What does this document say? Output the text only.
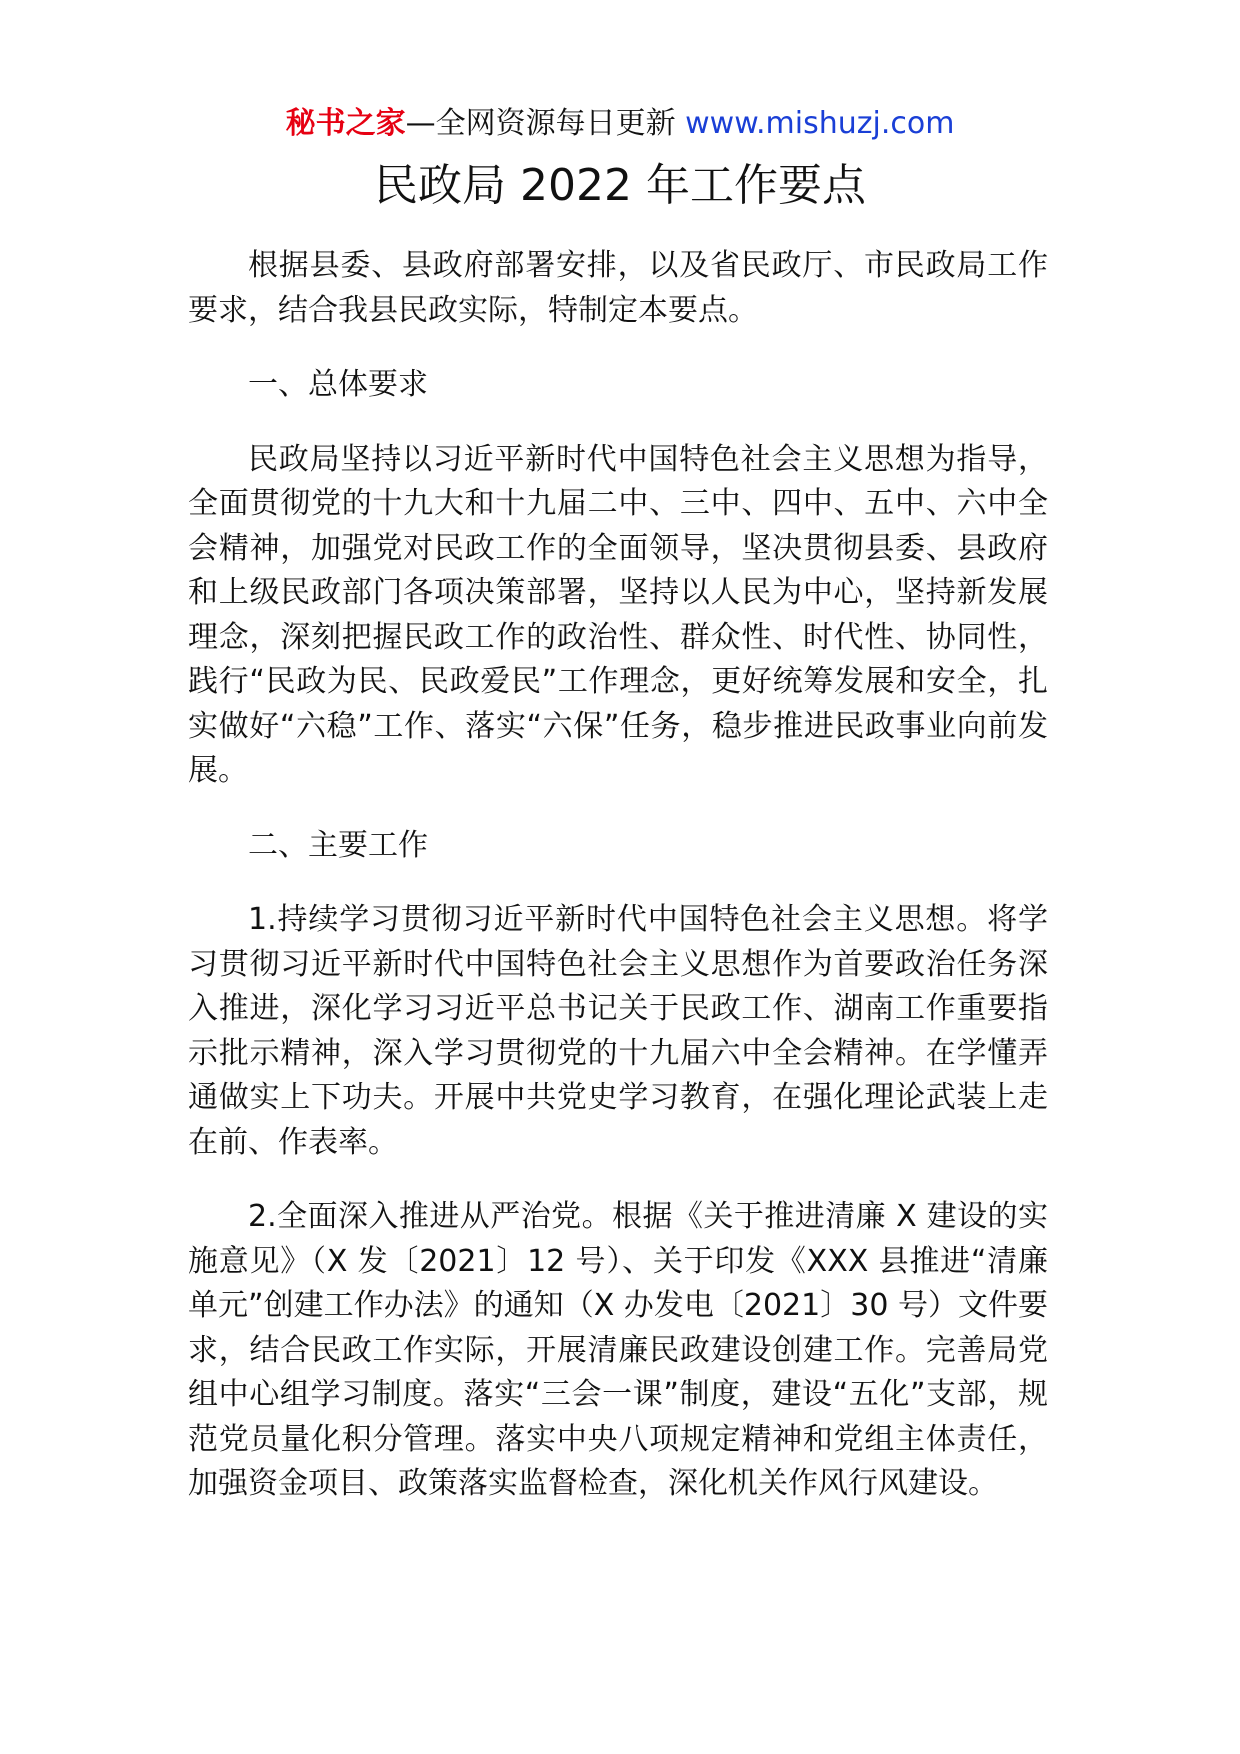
秘书之家—全网资源每日更新 www.mishuzj.com
民政局 2022 年工作要点

根据县委、县政府部署安排，以及省民政厅、市民政局工作要求，结合我县民政实际，特制定本要点。

一、总体要求

民政局坚持以习近平新时代中国特色社会主义思想为指导，全面贯彻党的十九大和十九届二中、三中、四中、五中、六中全会精神，加强党对民政工作的全面领导，坚决贯彻县委、县政府和上级民政部门各项决策部署，坚持以人民为中心，坚持新发展理念，深刻把握民政工作的政治性、群众性、时代性、协同性，践行“民政为民、民政爱民”工作理念，更好统筹发展和安全，扎实做好“六稳”工作、落实“六保”任务，稳步推进民政事业向前发展。

二、主要工作

1.持续学习贯彻习近平新时代中国特色社会主义思想。将学习贯彻习近平新时代中国特色社会主义思想作为首要政治任务深入推进，深化学习习近平总书记关于民政工作、湖南工作重要指示批示精神，深入学习贯彻党的十九届六中全会精神。在学懂弄通做实上下功夫。开展中共党史学习教育，在强化理论武装上走在前、作表率。

2.全面深入推进从严治党。根据《关于推进清廉 X 建设的实施意见》（X 发〔2021〕12 号）、关于印发《XXX 县推进“清廉单元”创建工作办法》的通知（X 办发电〔2021〕30 号）文件要求，结合民政工作实际，开展清廉民政建设创建工作。完善局党组中心组学习制度。落实“三会一课”制度，建设“五化”支部，规范党员量化积分管理。落实中央八项规定精神和党组主体责任，加强资金项目、政策落实监督检查，深化机关作风行风建设。
